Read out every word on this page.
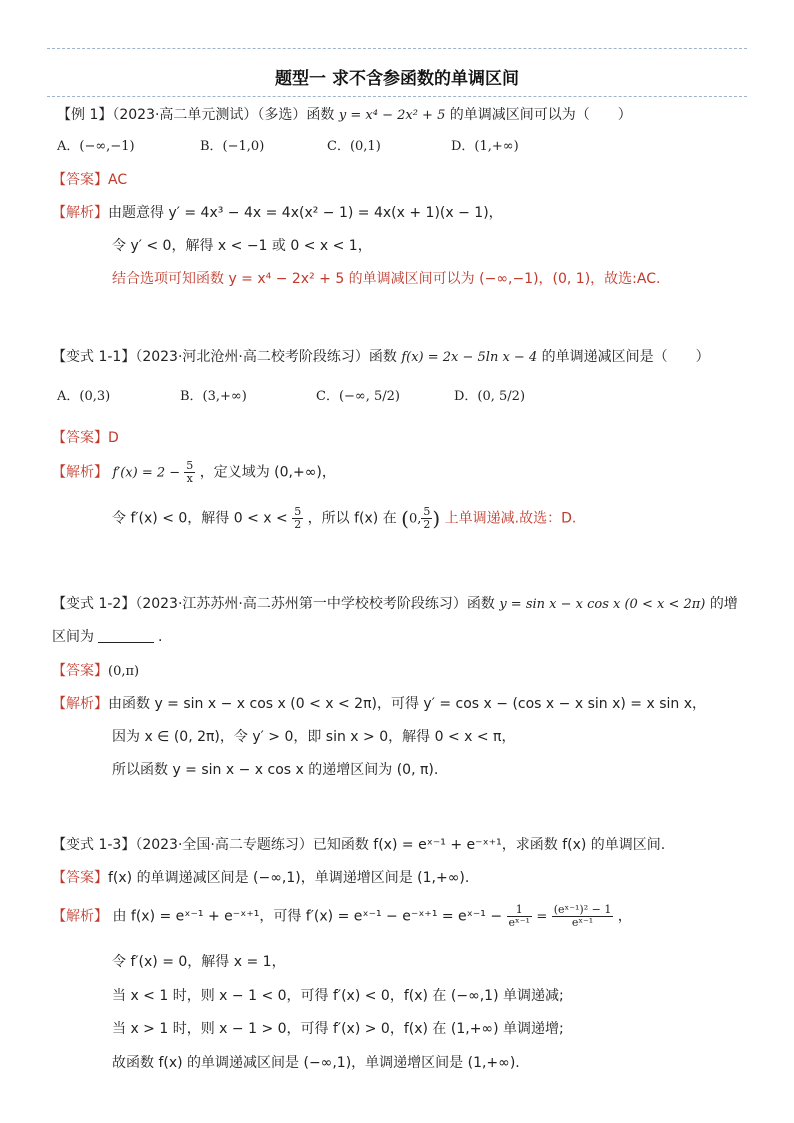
题型一 求不含参函数的单调区间
【例 1】（2023·高二单元测试）（多选）函数 y = x⁴ − 2x² + 5 的单调减区间可以为（　　）
A．(−∞,−1)	B．(−1,0)	C．(0,1)	D．(1,+∞)
【答案】AC
【解析】由题意得 y′ = 4x³ − 4x = 4x(x² − 1) = 4x(x + 1)(x − 1)，
令 y′ < 0，解得 x < −1 或 0 < x < 1，
结合选项可知函数 y = x⁴ − 2x² + 5 的单调减区间可以为 (−∞,−1)，(0, 1)，故选:AC.
【变式 1-1】（2023·河北沧州·高二校考阶段练习）函数 f(x) = 2x − 5ln x − 4 的单调递减区间是（　　）
A．(0,3)	B．(3,+∞)	C．(−∞, 5/2)	D．(0, 5/2)
【答案】D
【解析】 $f'(x) = 2 - \frac{5}{x}$ ，定义域为 (0,+∞)，
令 f′(x) < 0，解得 $0 < x < \frac{5}{2}$ ，所以 f(x) 在 (0, $\frac{5}{2}$ ) 上单调递减.故选：D.
【变式 1-2】（2023·江苏苏州·高二苏州第一中学校校考阶段练习）函数 y = sin x − x cos x (0 < x < 2π) 的增
区间为	.
【答案】(0,π)
【解析】由函数 y = sin x − x cos x (0 < x < 2π)，可得 y′ = cos x − (cos x − x sin x) = x sin x，
因为 x ∈ (0, 2π)，令 y′ > 0，即 sin x > 0，解得 0 < x < π，
所以函数 y = sin x − x cos x 的递增区间为 (0, π).
【变式 1-3】（2023·全国·高二专题练习）已知函数 f(x) = eˣ⁻¹ + e⁻ˣ⁺¹，求函数 f(x) 的单调区间.
【答案】f(x) 的单调递减区间是 (−∞,1)，单调递增区间是 (1,+∞).
【解析】 由 f(x) = eˣ⁻¹ + e⁻ˣ⁺¹，可得 f′(x) = eˣ⁻¹ − e⁻ˣ⁺¹ = eˣ⁻¹ − $\frac{1}{\text{eˣ⁻¹}} = \frac{\text{(eˣ⁻¹)² − 1}}{\text{eˣ⁻¹}}$ ，
令 f′(x) = 0，解得 x = 1，
当 x < 1 时，则 x − 1 < 0，可得 f′(x) < 0，f(x) 在 (−∞,1) 单调递减;
当 x > 1 时，则 x − 1 > 0，可得 f′(x) > 0，f(x) 在 (1,+∞) 单调递增;
故函数 f(x) 的单调递减区间是 (−∞,1)，单调递增区间是 (1,+∞).
